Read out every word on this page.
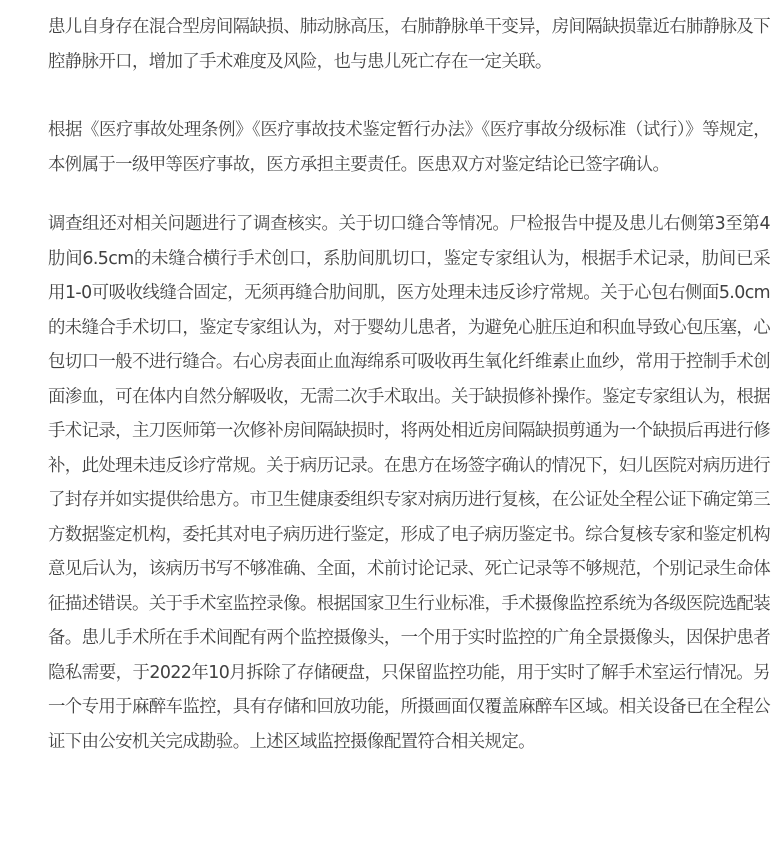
患儿自身存在混合型房间隔缺损、肺动脉高压，右肺静脉单干变异，房间隔缺损靠近右肺静脉及下腔静脉开口，增加了手术难度及风险，也与患儿死亡存在一定关联。

根据《医疗事故处理条例》《医疗事故技术鉴定暂行办法》《医疗事故分级标准（试行）》等规定，本例属于一级甲等医疗事故，医方承担主要责任。医患双方对鉴定结论已签字确认。

调查组还对相关问题进行了调查核实。关于切口缝合等情况。尸检报告中提及患儿右侧第3至第4肋间6.5cm的未缝合横行手术创口，系肋间肌切口，鉴定专家组认为，根据手术记录，肋间已采用1-0可吸收线缝合固定，无须再缝合肋间肌，医方处理未违反诊疗常规。关于心包右侧面5.0cm的未缝合手术切口，鉴定专家组认为，对于婴幼儿患者，为避免心脏压迫和积血导致心包压塞，心包切口一般不进行缝合。右心房表面止血海绵系可吸收再生氧化纤维素止血纱，常用于控制手术创面渗血，可在体内自然分解吸收，无需二次手术取出。关于缺损修补操作。鉴定专家组认为，根据手术记录，主刀医师第一次修补房间隔缺损时，将两处相近房间隔缺损剪通为一个缺损后再进行修补，此处理未违反诊疗常规。关于病历记录。在患方在场签字确认的情况下，妇儿医院对病历进行了封存并如实提供给患方。市卫生健康委组织专家对病历进行复核，在公证处全程公证下确定第三方数据鉴定机构，委托其对电子病历进行鉴定，形成了电子病历鉴定书。综合复核专家和鉴定机构意见后认为，该病历书写不够准确、全面，术前讨论记录、死亡记录等不够规范，个别记录生命体征描述错误。关于手术室监控录像。根据国家卫生行业标准，手术摄像监控系统为各级医院选配装备。患儿手术所在手术间配有两个监控摄像头，一个用于实时监控的广角全景摄像头，因保护患者隐私需要，于2022年10月拆除了存储硬盘，只保留监控功能，用于实时了解手术室运行情况。另一个专用于麻醉车监控，具有存储和回放功能，所摄画面仅覆盖麻醉车区域。相关设备已在全程公证下由公安机关完成勘验。上述区域监控摄像配置符合相关规定。
